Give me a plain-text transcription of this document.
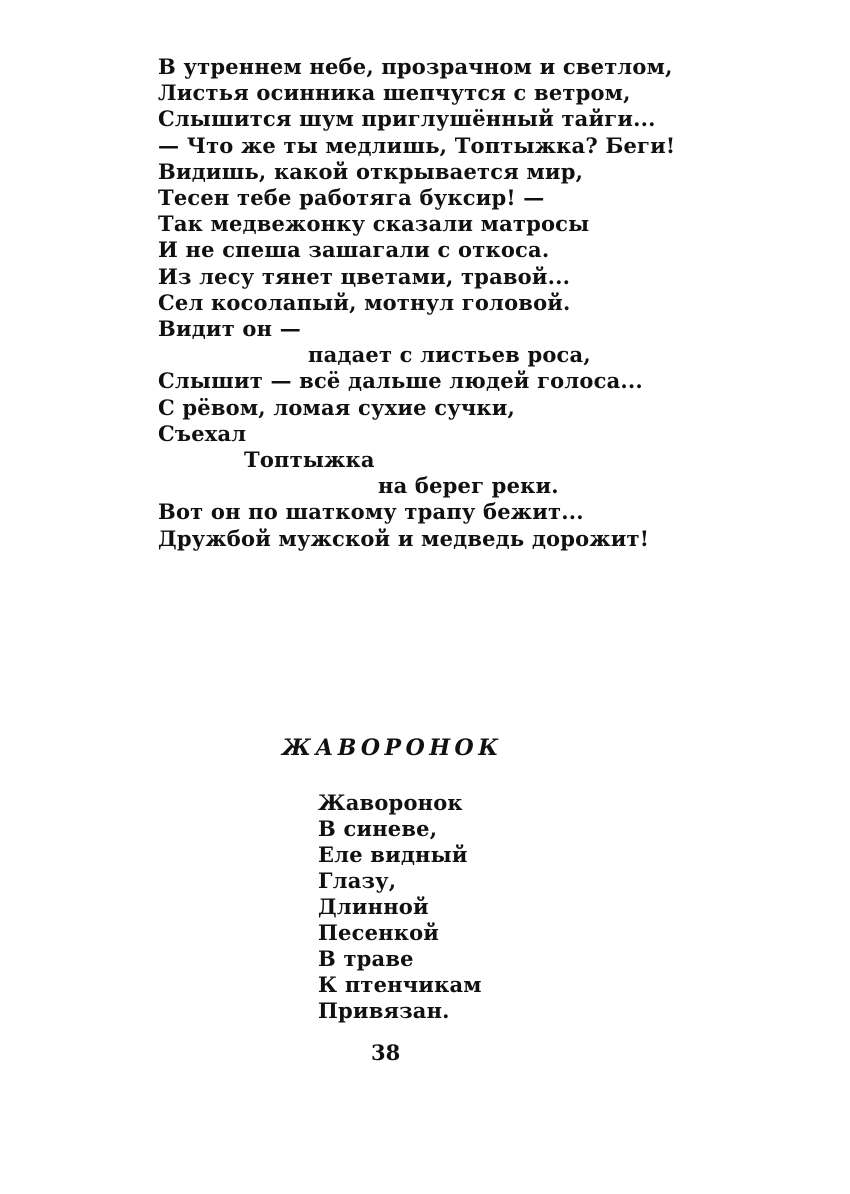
В утреннем небе, прозрачном и светлом,
Листья осинника шепчутся с ветром,
Слышится шум приглушённый тайги...
— Что же ты медлишь, Топтыжка? Беги!
Видишь, какой открывается мир,
Тесен тебе работяга буксир! —
Так медвежонку сказали матросы
И не спеша зашагали с откоса.
Из лесу тянет цветами, травой...
Сел косолапый, мотнул головой.
Видит он —
падает с листьев роса,
Слышит — всё дальше людей голоса...
С рёвом, ломая сухие сучки,
Съехал
Топтыжка
на берег реки.
Вот он по шаткому трапу бежит...
Дружбой мужской и медведь дорожит!
ЖАВОРОНОК
Жаворонок
В синеве,
Еле видный
Глазу,
Длинной
Песенкой
В траве
К птенчикам
Привязан.
38
